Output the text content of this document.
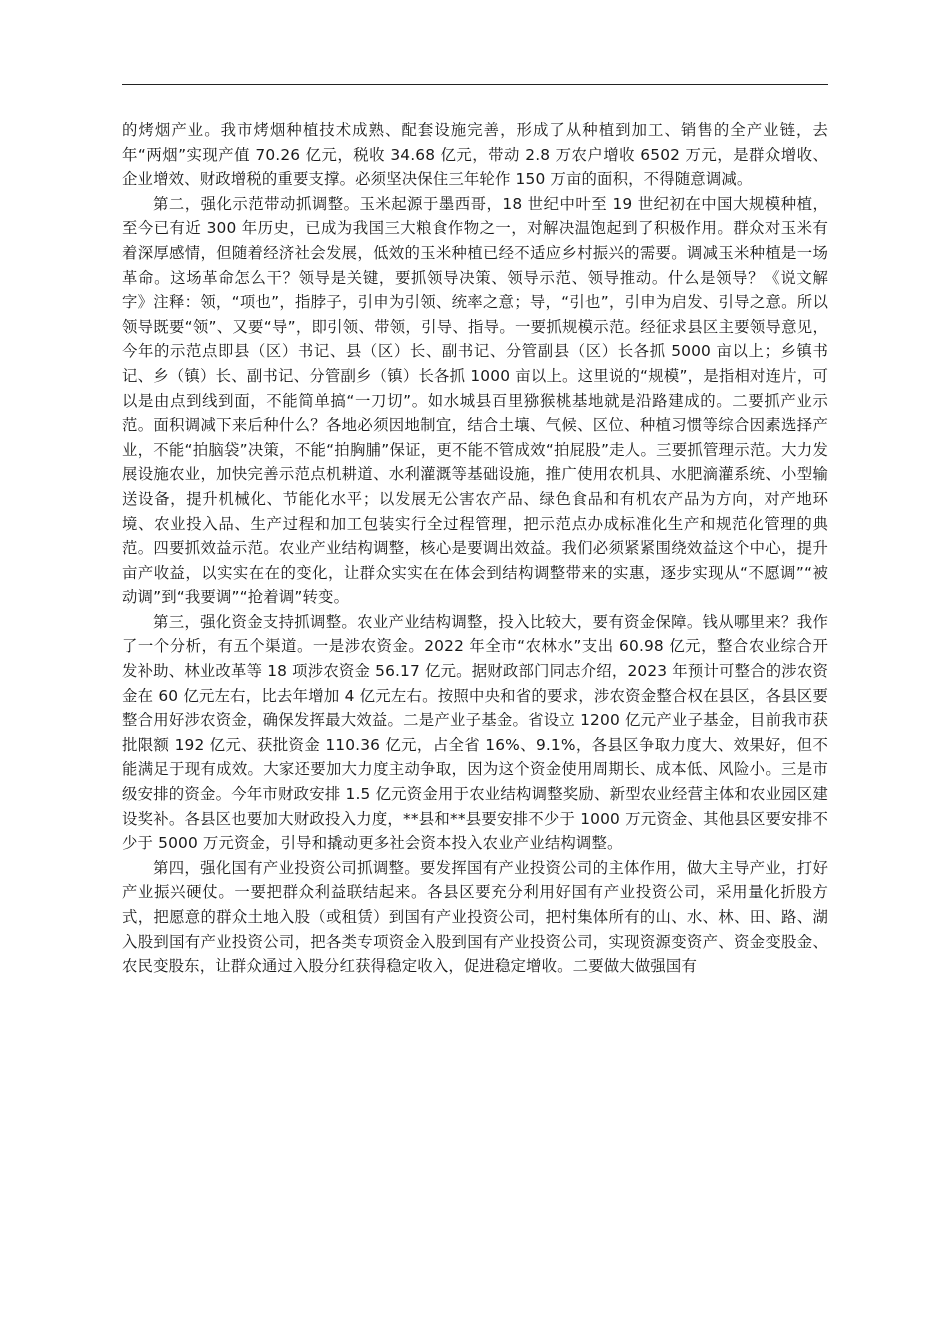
的烤烟产业。我市烤烟种植技术成熟、配套设施完善，形成了从种植到加工、销售的全产业链，去年“两烟”实现产值 70.26 亿元，税收 34.68 亿元，带动 2.8 万农户增收 6502 万元，是群众增收、企业增效、财政增税的重要支撑。必须坚决保住三年轮作 150 万亩的面积，不得随意调减。

第二，强化示范带动抓调整。玉米起源于墨西哥，18 世纪中叶至 19 世纪初在中国大规模种植，至今已有近 300 年历史，已成为我国三大粮食作物之一，对解决温饱起到了积极作用。群众对玉米有着深厚感情，但随着经济社会发展，低效的玉米种植已经不适应乡村振兴的需要。调减玉米种植是一场革命。这场革命怎么干？领导是关键，要抓领导决策、领导示范、领导推动。什么是领导？《说文解字》注释：领，“项也”，指脖子，引申为引领、统率之意；导，“引也”，引申为启发、引导之意。所以领导既要“领”、又要“导”，即引领、带领，引导、指导。一要抓规模示范。经征求县区主要领导意见，今年的示范点即县（区）书记、县（区）长、副书记、分管副县（区）长各抓 5000 亩以上；乡镇书记、乡（镇）长、副书记、分管副乡（镇）长各抓 1000 亩以上。这里说的“规模”，是指相对连片，可以是由点到线到面，不能简单搞“一刀切”。如水城县百里猕猴桃基地就是沿路建成的。二要抓产业示范。面积调减下来后种什么？各地必须因地制宜，结合土壤、气候、区位、种植习惯等综合因素选择产业，不能“拍脑袋”决策，不能“拍胸脯”保证，更不能不管成效“拍屁股”走人。三要抓管理示范。大力发展设施农业，加快完善示范点机耕道、水利灌溉等基础设施，推广使用农机具、水肥滴灌系统、小型输送设备，提升机械化、节能化水平；以发展无公害农产品、绿色食品和有机农产品为方向，对产地环境、农业投入品、生产过程和加工包装实行全过程管理，把示范点办成标准化生产和规范化管理的典范。四要抓效益示范。农业产业结构调整，核心是要调出效益。我们必须紧紧围绕效益这个中心，提升亩产收益，以实实在在的变化，让群众实实在在体会到结构调整带来的实惠，逐步实现从“不愿调”“被动调”到“我要调”“抢着调”转变。

第三，强化资金支持抓调整。农业产业结构调整，投入比较大，要有资金保障。钱从哪里来？我作了一个分析，有五个渠道。一是涉农资金。2022 年全市“农林水”支出 60.98 亿元，整合农业综合开发补助、林业改革等 18 项涉农资金 56.17 亿元。据财政部门同志介绍，2023 年预计可整合的涉农资金在 60 亿元左右，比去年增加 4 亿元左右。按照中央和省的要求，涉农资金整合权在县区，各县区要整合用好涉农资金，确保发挥最大效益。二是产业子基金。省设立 1200 亿元产业子基金，目前我市获批限额 192 亿元、获批资金 110.36 亿元，占全省 16%、9.1%，各县区争取力度大、效果好，但不能满足于现有成效。大家还要加大力度主动争取，因为这个资金使用周期长、成本低、风险小。三是市级安排的资金。今年市财政安排 1.5 亿元资金用于农业结构调整奖励、新型农业经营主体和农业园区建设奖补。各县区也要加大财政投入力度，**县和**县要安排不少于 1000 万元资金、其他县区要安排不少于 5000 万元资金，引导和撬动更多社会资本投入农业产业结构调整。

第四，强化国有产业投资公司抓调整。要发挥国有产业投资公司的主体作用，做大主导产业，打好产业振兴硬仗。一要把群众利益联结起来。各县区要充分利用好国有产业投资公司，采用量化折股方式，把愿意的群众土地入股（或租赁）到国有产业投资公司，把村集体所有的山、水、林、田、路、湖入股到国有产业投资公司，把各类专项资金入股到国有产业投资公司，实现资源变资产、资金变股金、农民变股东，让群众通过入股分红获得稳定收入，促进稳定增收。二要做大做强国有
